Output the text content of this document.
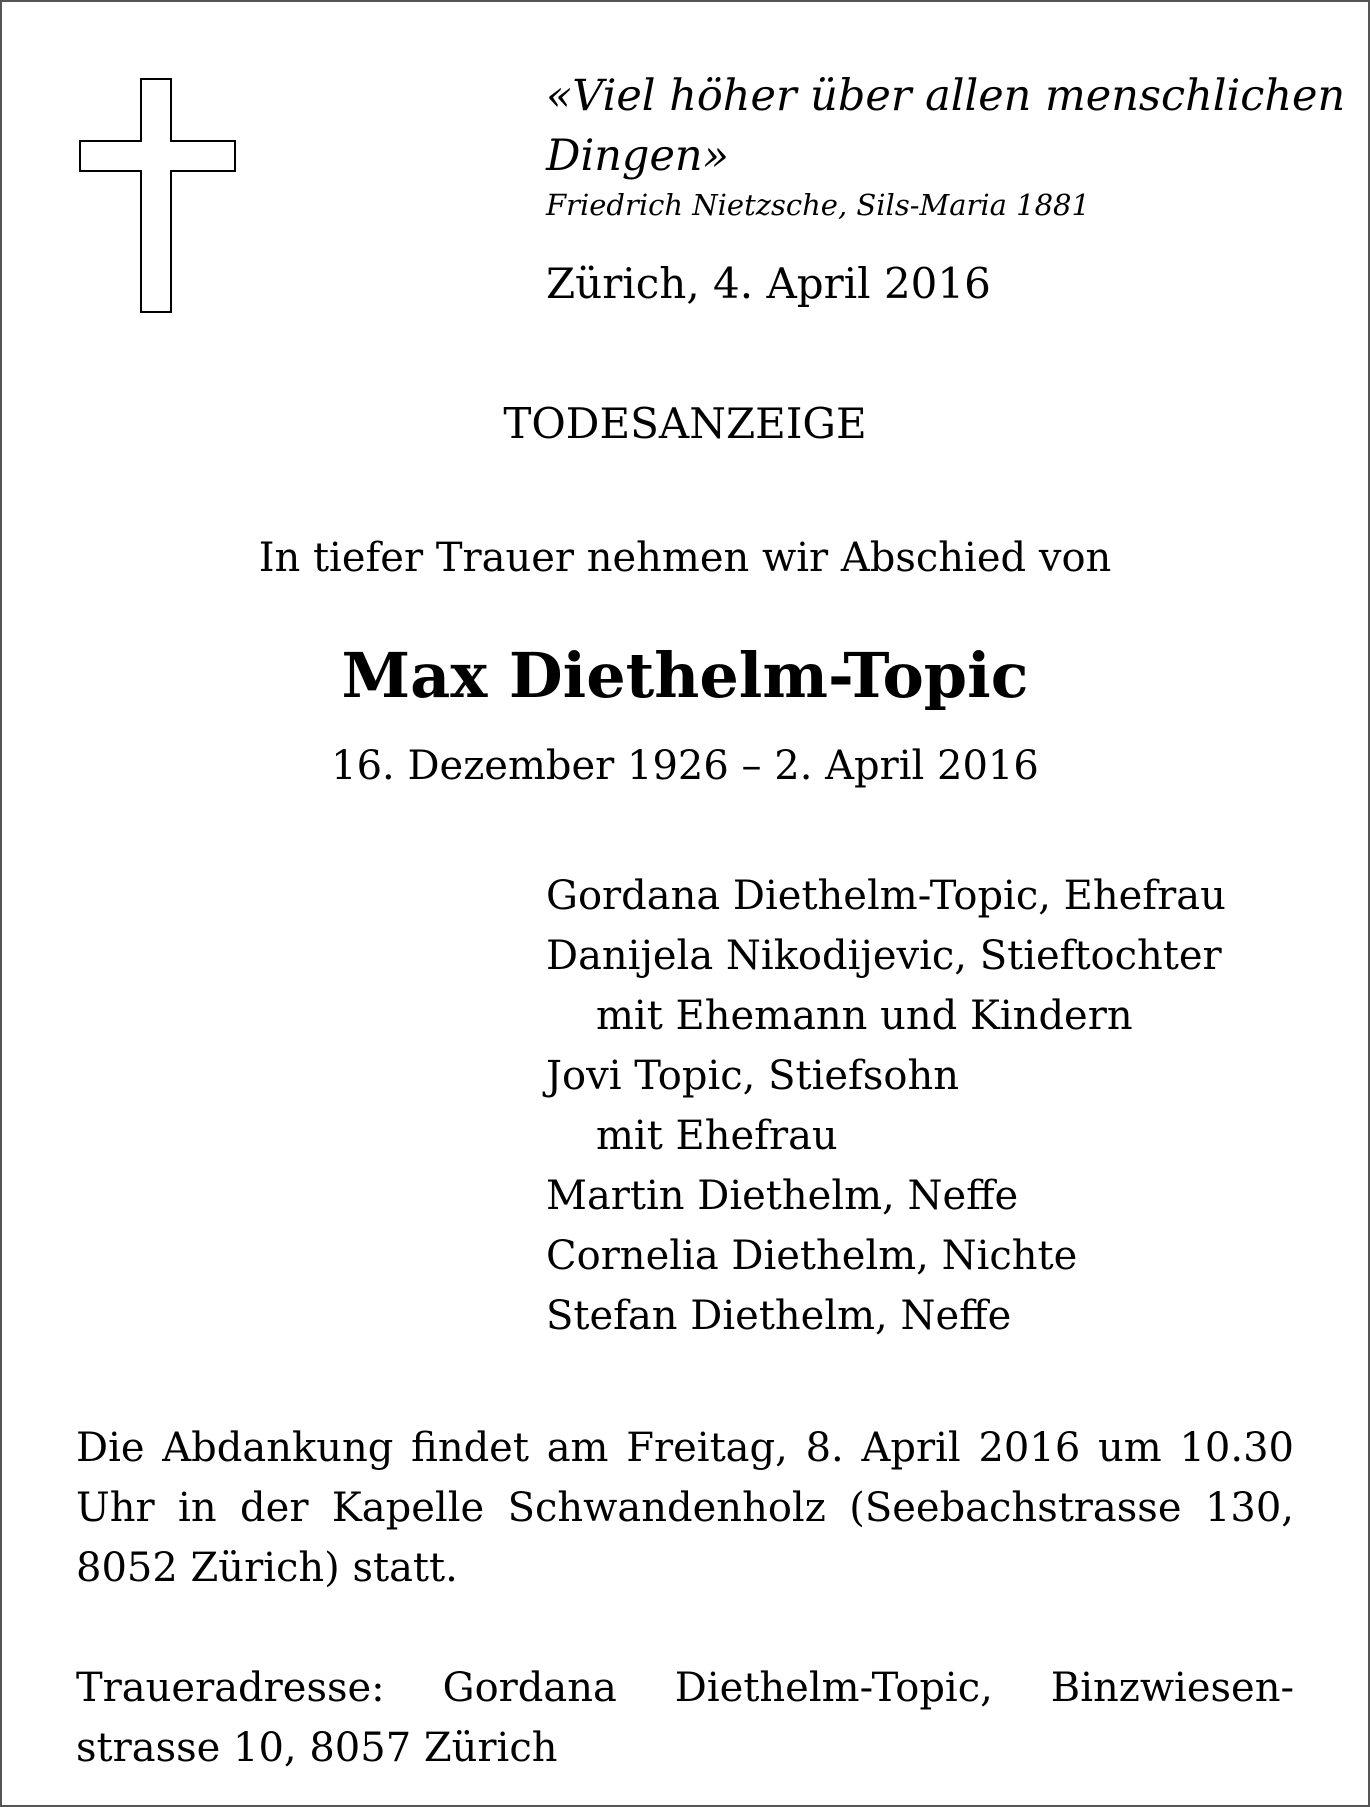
«Viel höher über allen menschlichen
Dingen»
Friedrich Nietzsche, Sils-Maria 1881
Zürich, 4. April 2016
TODESANZEIGE
In tiefer Trauer nehmen wir Abschied von
Max Diethelm-Topic
16. Dezember 1926 – 2. April 2016
Gordana Diethelm-Topic, Ehefrau
Danijela Nikodijevic, Stieftochter
mit Ehemann und Kindern
Jovi Topic, Stiefsohn
mit Ehefrau
Martin Diethelm, Neffe
Cornelia Diethelm, Nichte
Stefan Diethelm, Neffe

Die Abdankung findet am Freitag, 8. April 2016 um 10.30 Uhr in der Kapelle Schwandenholz (Seebachstrasse 130, 8052 Zürich) statt.

Traueradresse: Gordana Diethelm-Topic, Binzwiesen-strasse 10, 8057 Zürich
